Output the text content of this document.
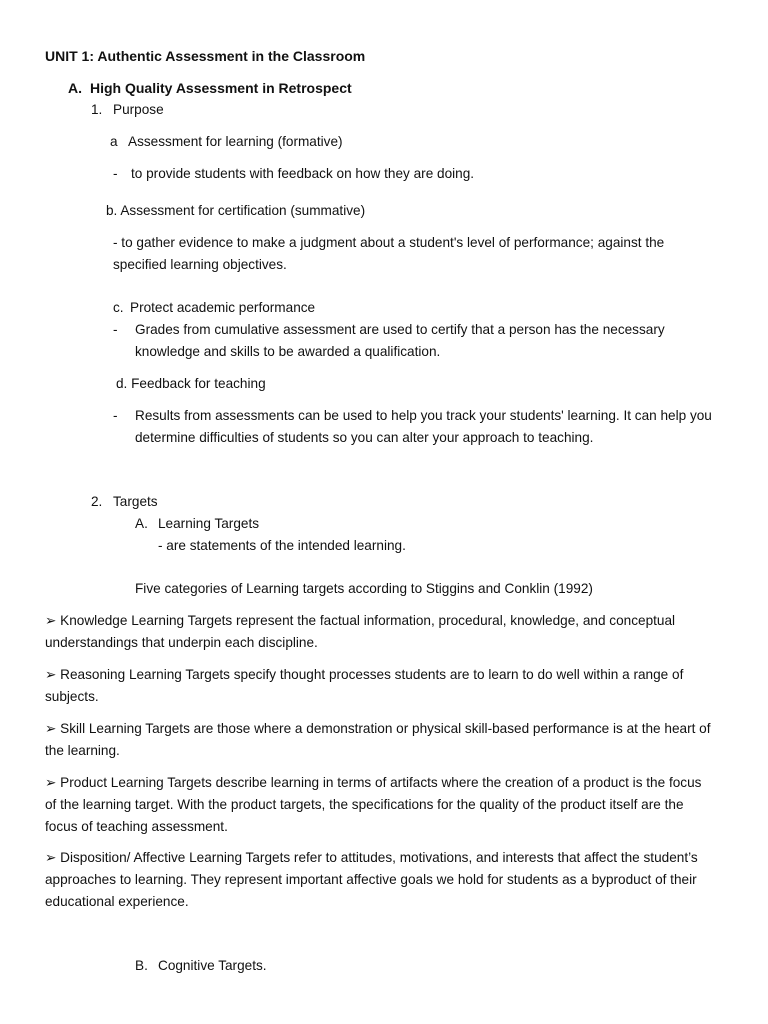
UNIT 1: Authentic Assessment in the Classroom
A. High Quality Assessment in Retrospect
1. Purpose
a Assessment for learning (formative)
- to provide students with feedback on how they are doing.
b. Assessment for certification (summative)
- to gather evidence to make a judgment about a student's level of performance; against the
specified learning objectives.
c. Protect academic performance
- Grades from cumulative assessment are used to certify that a person has the necessary
knowledge and skills to be awarded a qualification.
d. Feedback for teaching
- Results from assessments can be used to help you track your students' learning. It can help you
determine difficulties of students so you can alter your approach to teaching.
2. Targets
A. Learning Targets
- are statements of the intended learning.
Five categories of Learning targets according to Stiggins and Conklin (1992)
➢ Knowledge Learning Targets represent the factual information, procedural, knowledge, and conceptual
understandings that underpin each discipline.
➢ Reasoning Learning Targets specify thought processes students are to learn to do well within a range of
subjects.
➢ Skill Learning Targets are those where a demonstration or physical skill-based performance is at the heart of
the learning.
➢ Product Learning Targets describe learning in terms of artifacts where the creation of a product is the focus
of the learning target. With the product targets, the specifications for the quality of the product itself are the
focus of teaching assessment.
➢ Disposition/ Affective Learning Targets refer to attitudes, motivations, and interests that affect the student’s
approaches to learning. They represent important affective goals we hold for students as a byproduct of their
educational experience.
B. Cognitive Targets.
